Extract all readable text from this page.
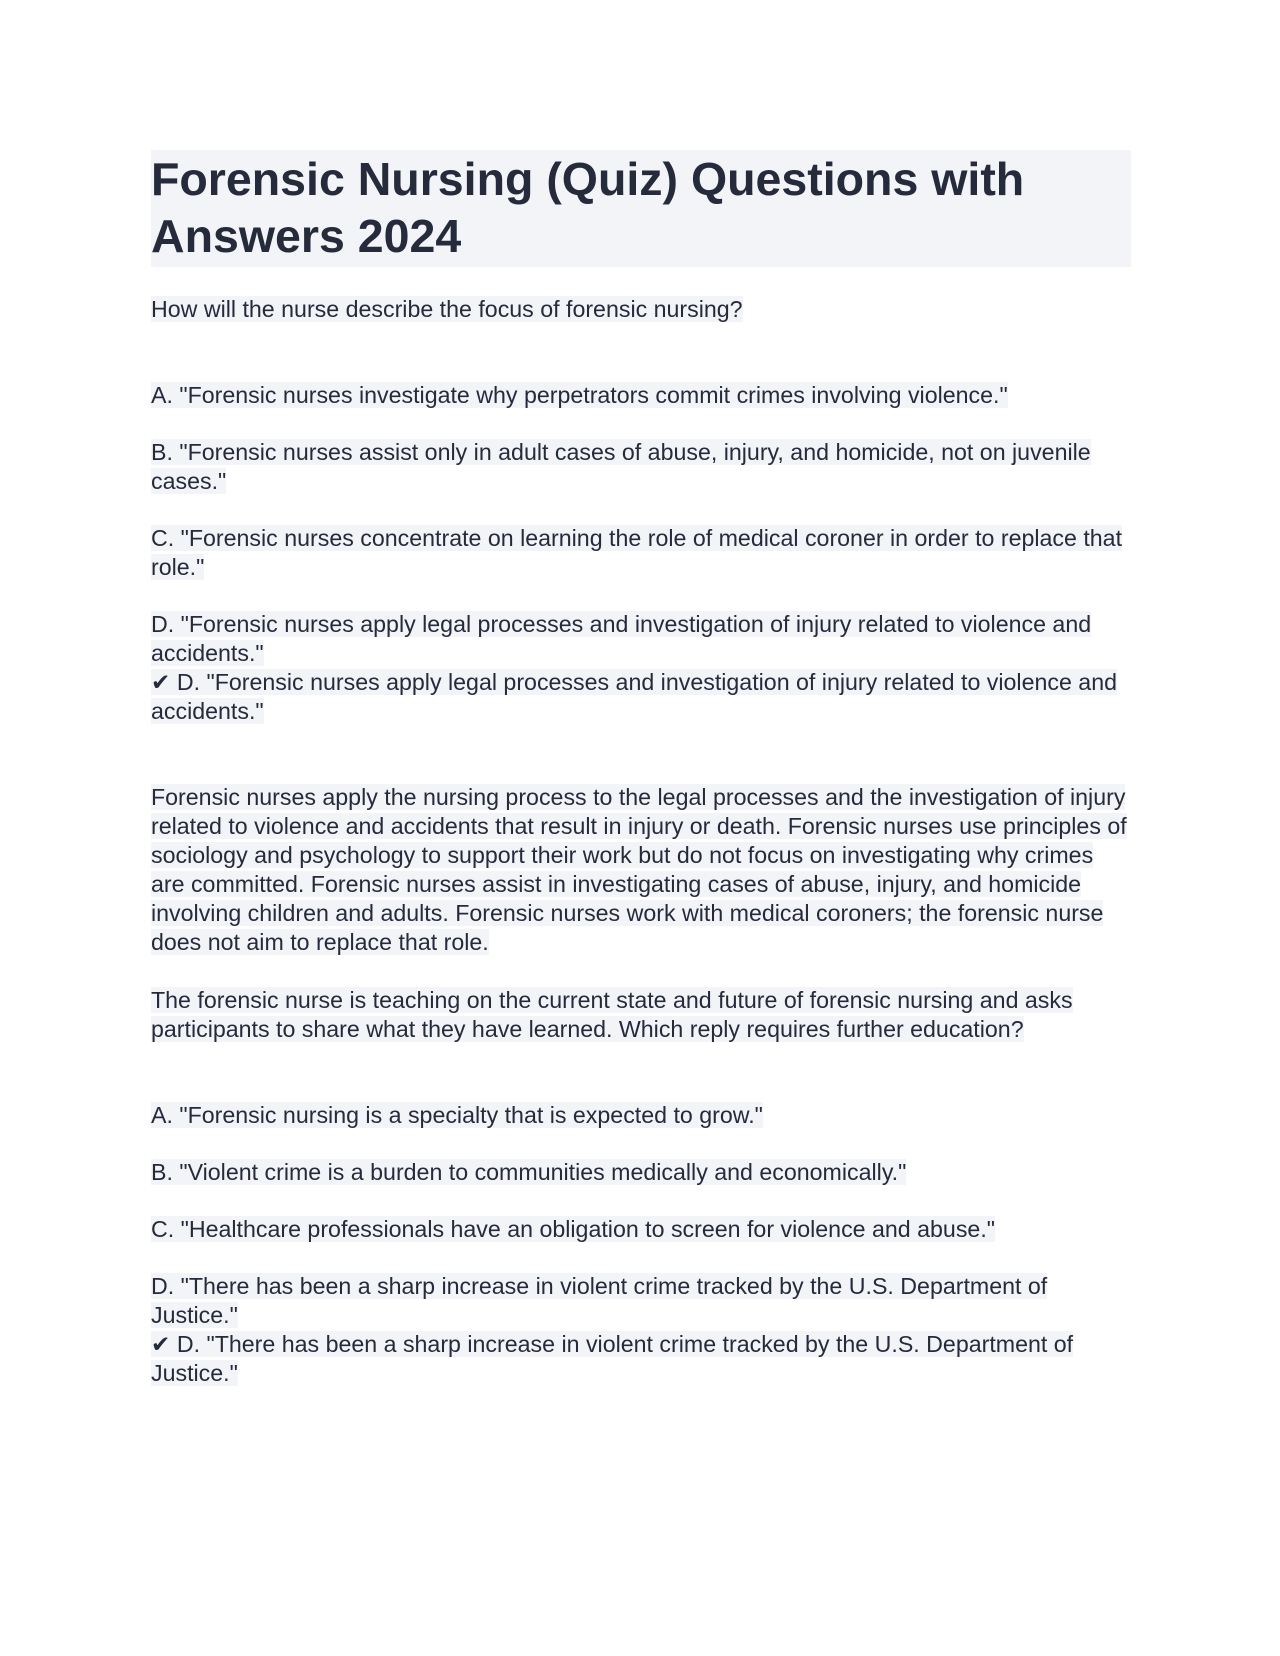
Forensic Nursing (Quiz) Questions with Answers 2024

How will the nurse describe the focus of forensic nursing?

A. "Forensic nurses investigate why perpetrators commit crimes involving violence."

B. "Forensic nurses assist only in adult cases of abuse, injury, and homicide, not on juvenile cases."

C. "Forensic nurses concentrate on learning the role of medical coroner in order to replace that role."

D. "Forensic nurses apply legal processes and investigation of injury related to violence and accidents."

✔ D. "Forensic nurses apply legal processes and investigation of injury related to violence and accidents."

Forensic nurses apply the nursing process to the legal processes and the investigation of injury related to violence and accidents that result in injury or death. Forensic nurses use principles of sociology and psychology to support their work but do not focus on investigating why crimes are committed. Forensic nurses assist in investigating cases of abuse, injury, and homicide involving children and adults. Forensic nurses work with medical coroners; the forensic nurse does not aim to replace that role.

The forensic nurse is teaching on the current state and future of forensic nursing and asks participants to share what they have learned. Which reply requires further education?

A. "Forensic nursing is a specialty that is expected to grow."

B. "Violent crime is a burden to communities medically and economically."

C. "Healthcare professionals have an obligation to screen for violence and abuse."

D. "There has been a sharp increase in violent crime tracked by the U.S. Department of Justice."

✔ D. "There has been a sharp increase in violent crime tracked by the U.S. Department of Justice."
